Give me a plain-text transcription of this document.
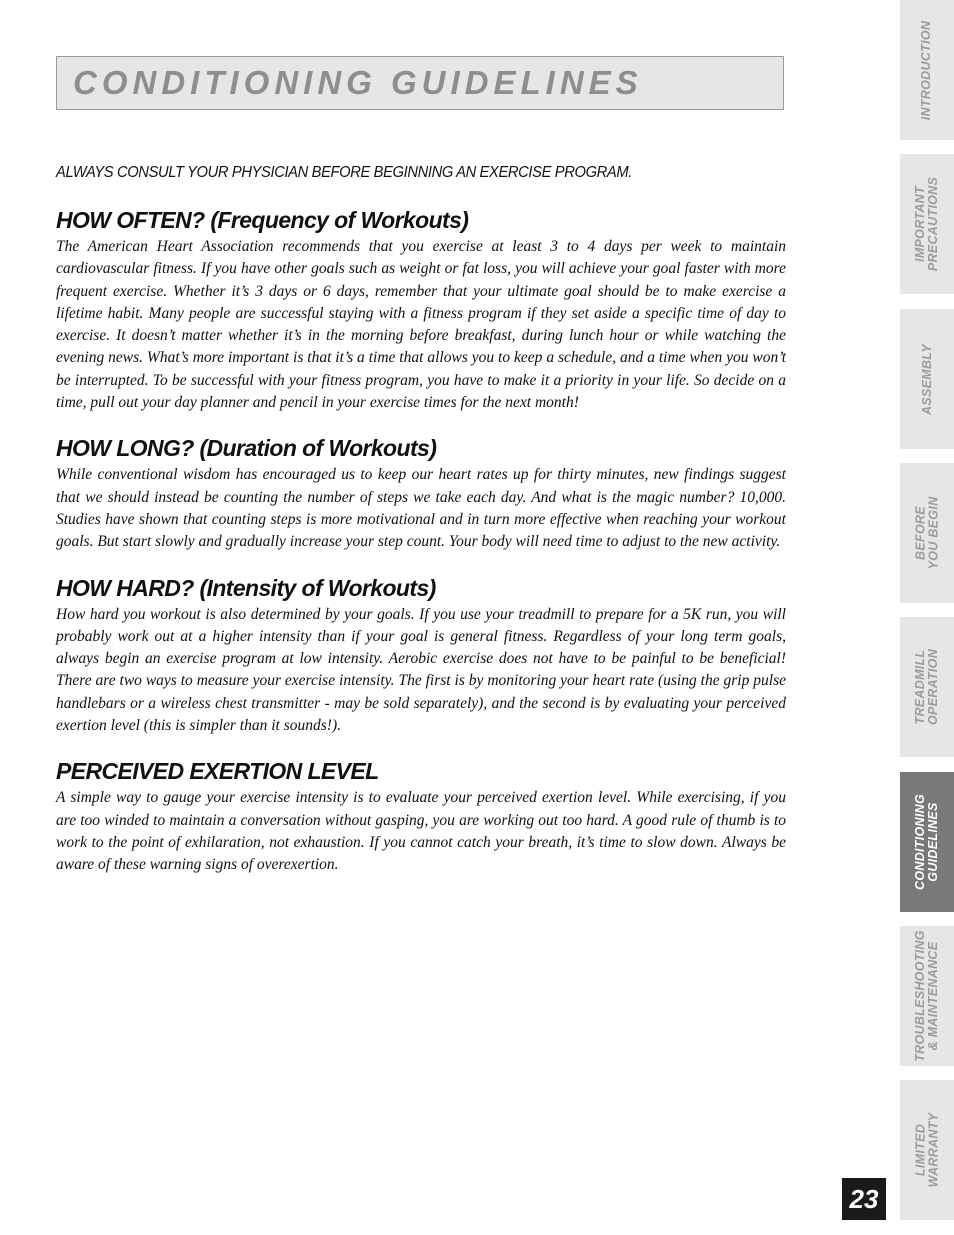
CONDITIONING GUIDELINES
ALWAYS CONSULT YOUR PHYSICIAN BEFORE BEGINNING AN EXERCISE PROGRAM.
HOW OFTEN? (Frequency of Workouts)

The American Heart Association recommends that you exercise at least 3 to 4 days per week to maintain cardiovascular fitness. If you have other goals such as weight or fat loss, you will achieve your goal faster with more frequent exercise. Whether it’s 3 days or 6 days, remember that your ultimate goal should be to make exercise a lifetime habit. Many people are successful staying with a fitness program if they set aside a specific time of day to exercise. It doesn’t matter whether it’s in the morning before breakfast, during lunch hour or while watching the evening news. What’s more important is that it’s a time that allows you to keep a schedule, and a time when you won’t be interrupted. To be successful with your fitness program, you have to make it a priority in your life. So decide on a time, pull out your day planner and pencil in your exercise times for the next month!

HOW LONG? (Duration of Workouts)

While conventional wisdom has encouraged us to keep our heart rates up for thirty minutes, new findings suggest that we should instead be counting the number of steps we take each day. And what is the magic number? 10,000. Studies have shown that counting steps is more motivational and in turn more effective when reaching your workout goals. But start slowly and gradually increase your step count. Your body will need time to adjust to the new activity.

HOW HARD? (Intensity of Workouts)

How hard you workout is also determined by your goals. If you use your treadmill to prepare for a 5K run, you will probably work out at a higher intensity than if your goal is general fitness. Regardless of your long term goals, always begin an exercise program at low intensity. Aerobic exercise does not have to be painful to be beneficial! There are two ways to measure your exercise intensity. The first is by monitoring your heart rate (using the grip pulse handlebars or a wireless chest transmitter - may be sold separately), and the second is by evaluating your perceived exertion level (this is simpler than it sounds!).

PERCEIVED EXERTION LEVEL

A simple way to gauge your exercise intensity is to evaluate your perceived exertion level. While exercising, if you are too winded to maintain a conversation without gasping, you are working out too hard. A good rule of thumb is to work to the point of exhilaration, not exhaustion. If you cannot catch your breath, it’s time to slow down. Always be aware of these warning signs of overexertion.

INTRODUCTION
IMPORTANT
PRECAUTIONS
ASSEMBLY
BEFORE
YOU BEGIN
TREADMILL
OPERATION
CONDITIONING
GUIDELINES
TROUBLESHOOTING
& MAINTENANCE
LIMITED
WARRANTY
23
